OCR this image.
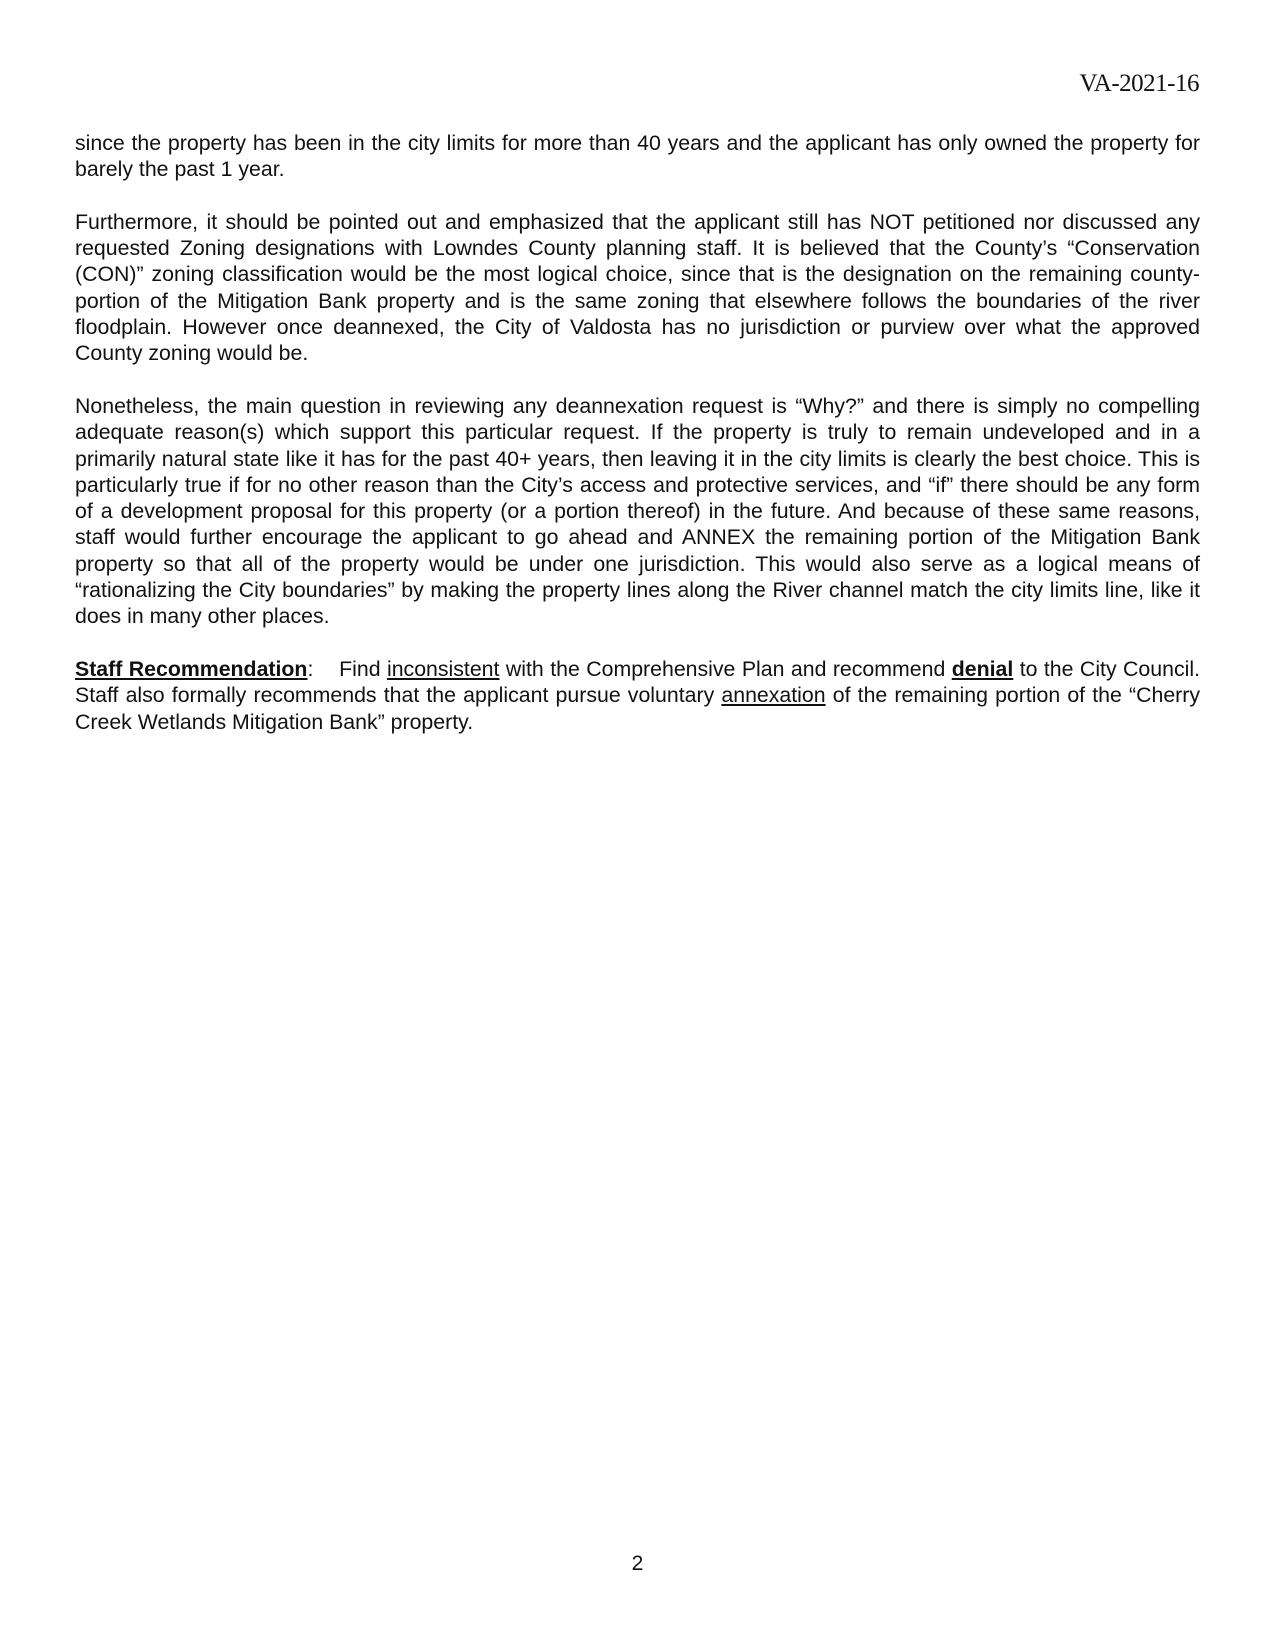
VA-2021-16

since the property has been in the city limits for more than 40 years and the applicant has only owned the property for barely the past 1 year.

Furthermore, it should be pointed out and emphasized that the applicant still has NOT petitioned nor discussed any requested Zoning designations with Lowndes County planning staff. It is believed that the County’s “Conservation (CON)” zoning classification would be the most logical choice, since that is the designation on the remaining county-portion of the Mitigation Bank property and is the same zoning that elsewhere follows the boundaries of the river floodplain. However once deannexed, the City of Valdosta has no jurisdiction or purview over what the approved County zoning would be.

Nonetheless, the main question in reviewing any deannexation request is “Why?” and there is simply no compelling adequate reason(s) which support this particular request. If the property is truly to remain undeveloped and in a primarily natural state like it has for the past 40+ years, then leaving it in the city limits is clearly the best choice. This is particularly true if for no other reason than the City’s access and protective services, and “if” there should be any form of a development proposal for this property (or a portion thereof) in the future. And because of these same reasons, staff would further encourage the applicant to go ahead and ANNEX the remaining portion of the Mitigation Bank property so that all of the property would be under one jurisdiction. This would also serve as a logical means of “rationalizing the City boundaries” by making the property lines along the River channel match the city limits line, like it does in many other places.

Staff Recommendation: Find inconsistent with the Comprehensive Plan and recommend denial to the City Council. Staff also formally recommends that the applicant pursue voluntary annexation of the remaining portion of the “Cherry Creek Wetlands Mitigation Bank” property.

2
